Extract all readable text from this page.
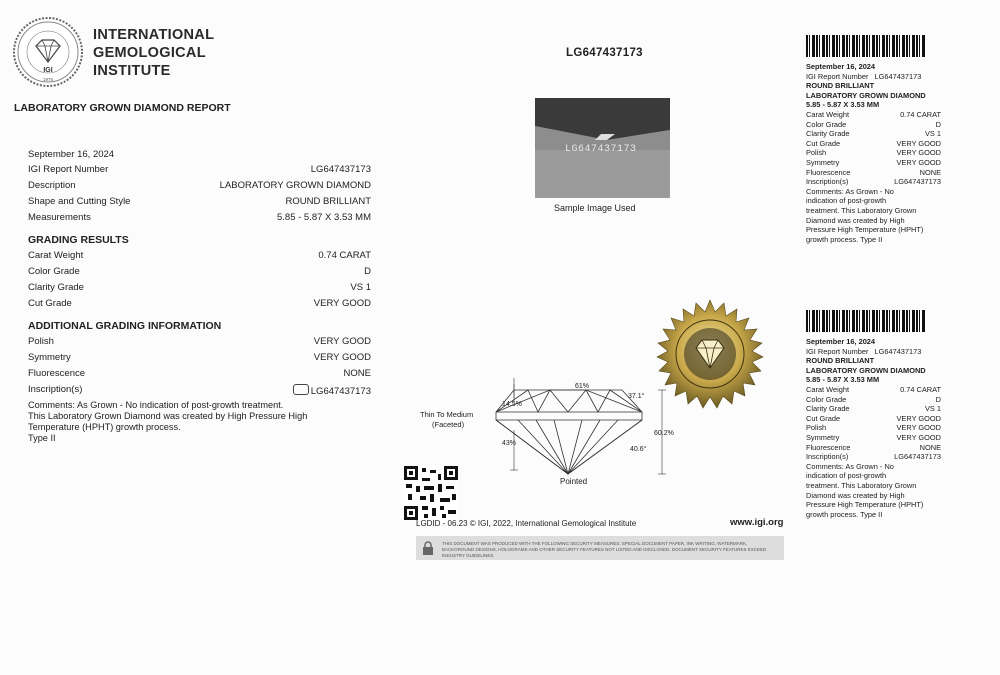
IGI
1975
INTERNATIONAL
GEMOLOGICAL
INSTITUTE
LABORATORY GROWN DIAMOND REPORT
September 16, 2024
IGI Report Number	LG647437173
Description	LABORATORY GROWN DIAMOND
Shape and Cutting Style	ROUND BRILLIANT
Measurements	5.85 - 5.87 X 3.53 MM
GRADING RESULTS
Carat Weight	0.74 CARAT
Color Grade	D
Clarity Grade	VS 1
Cut Grade	VERY GOOD
ADDITIONAL GRADING INFORMATION
Polish	VERY GOOD
Symmetry	VERY GOOD
Fluorescence	NONE
Inscription(s)	LG647437173
Comments: As Grown - No indication of post-growth treatment.
This Laboratory Grown Diamond was created by High Pressure High
Temperature (HPHT) growth process.
Type II
LG647437173
LG647437173
Sample Image Used
61%
37.1°
14.5%
60.2%
40.6°
43%
Thin To Medium
(Faceted)
Pointed
LGDID - 06.23 © IGI, 2022, International Gemological Institute	www.igi.org
THIS DOCUMENT WAS PRODUCED WITH THE FOLLOWING SECURITY MEASURES: SPECIAL DOCUMENT PAPER, INK WRITING, WATERMARK,
BACKGROUND DESIGNS, HOLOGRAMS AND OTHER SECURITY FEATURES NOT LISTED AND DISCLOSED. DOCUMENT SECURITY FEATURES EXCEED INDUSTRY GUIDELINES
September 16, 2024
IGI Report Number LG647437173
ROUND BRILLIANT
LABORATORY GROWN DIAMOND
5.85 - 5.87 X 3.53 MM
Carat Weight	0.74 CARAT
Color Grade	D
Clarity Grade	VS 1
Cut Grade	VERY GOOD
Polish	VERY GOOD
Symmetry	VERY GOOD
Fluorescence	NONE
Inscription(s)	LG647437173
Comments: As Grown - No
indication of post-growth
treatment. This Laboratory Grown
Diamond was created by High
Pressure High Temperature (HPHT)
growth process. Type II
September 16, 2024
IGI Report Number LG647437173
ROUND BRILLIANT
LABORATORY GROWN DIAMOND
5.85 - 5.87 X 3.53 MM
Carat Weight	0.74 CARAT
Color Grade	D
Clarity Grade	VS 1
Cut Grade	VERY GOOD
Polish	VERY GOOD
Symmetry	VERY GOOD
Fluorescence	NONE
Inscription(s)	LG647437173
Comments: As Grown - No
indication of post-growth
treatment. This Laboratory Grown
Diamond was created by High
Pressure High Temperature (HPHT)
growth process. Type II
